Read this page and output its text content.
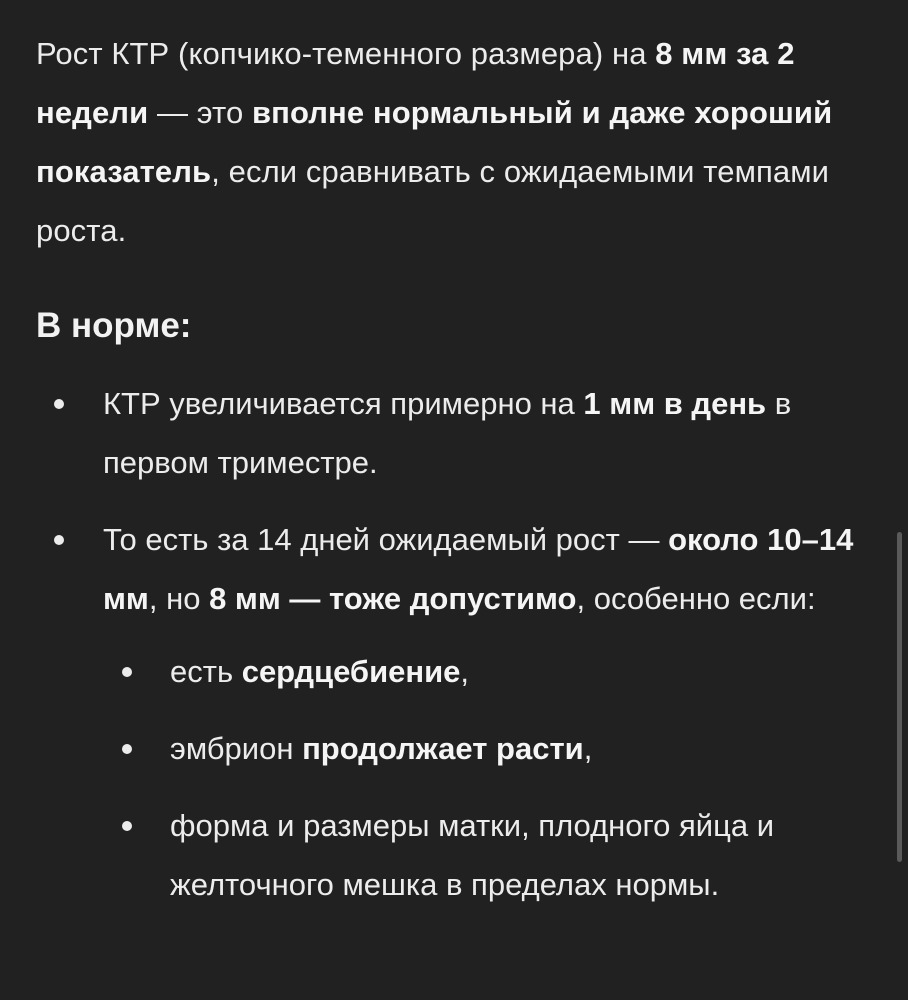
Рост КТР (копчико-теменного размера) на 8 мм за 2 недели — это вполне нормальный и даже хороший показатель, если сравнивать с ожидаемыми темпами роста.

В норме:
КТР увеличивается примерно на 1 мм в день в первом триместре.
То есть за 14 дней ожидаемый рост — около 10–14 мм, но 8 мм — тоже допустимо, особенно если:
есть сердцебиение,
эмбрион продолжает расти,
форма и размеры матки, плодного яйца и желточного мешка в пределах нормы.
